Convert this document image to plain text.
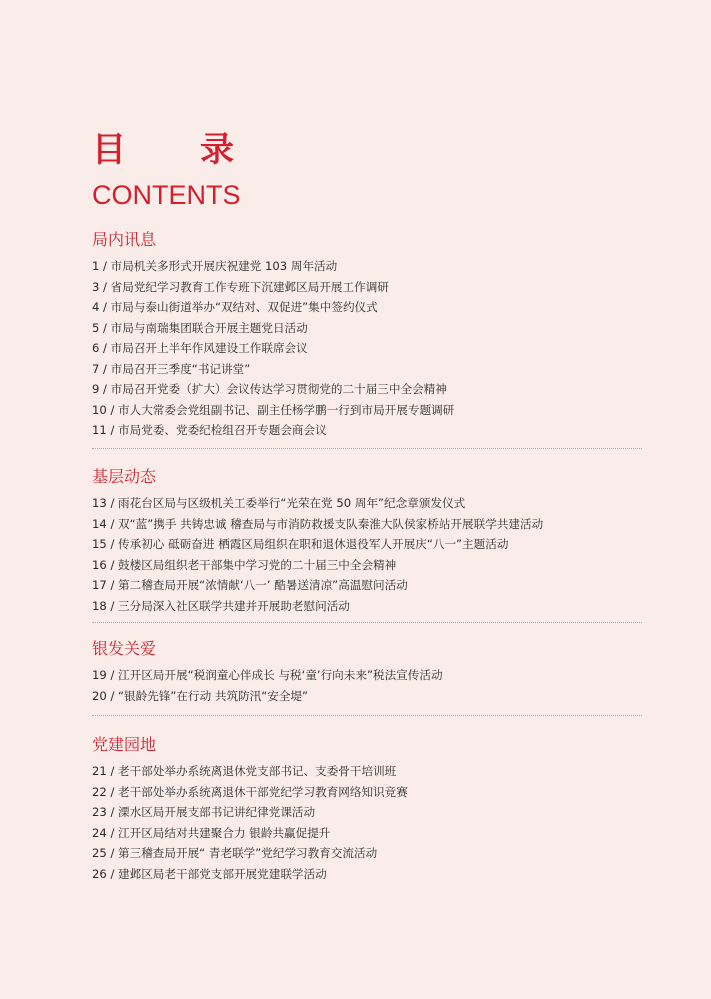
目 录
CONTENTS
局内讯息
1 / 市局机关多形式开展庆祝建党 103 周年活动
3 / 省局党纪学习教育工作专班下沉建邺区局开展工作调研
4 / 市局与泰山街道举办“双结对、双促进”集中签约仪式
5 / 市局与南瑞集团联合开展主题党日活动
6 / 市局召开上半年作风建设工作联席会议
7 / 市局召开三季度“书记讲堂”
9 / 市局召开党委（扩大）会议传达学习贯彻党的二十届三中全会精神
10 / 市人大常委会党组副书记、副主任杨学鹏一行到市局开展专题调研
11 / 市局党委、党委纪检组召开专题会商会议
基层动态
13 / 雨花台区局与区级机关工委举行“光荣在党 50 周年”纪念章颁发仪式
14 / 双“蓝”携手 共铸忠诚 稽查局与市消防救援支队秦淮大队侯家桥站开展联学共建活动
15 / 传承初心 砥砺奋进 栖霞区局组织在职和退休退役军人开展庆“八一”主题活动
16 / 鼓楼区局组织老干部集中学习党的二十届三中全会精神
17 / 第二稽查局开展“浓情献‘八一’ 酷暑送清凉”高温慰问活动
18 / 三分局深入社区联学共建并开展助老慰问活动
银发关爱
19 / 江开区局开展“税润童心伴成长 与税‘童’行向未来”税法宣传活动
20 / “银龄先锋”在行动 共筑防汛“安全堤”
党建园地
21 / 老干部处举办系统离退休党支部书记、支委骨干培训班
22 / 老干部处举办系统离退休干部党纪学习教育网络知识竞赛
23 / 溧水区局开展支部书记讲纪律党课活动
24 / 江开区局结对共建聚合力 银龄共赢促提升
25 / 第三稽查局开展“ 青老联学”党纪学习教育交流活动
26 / 建邺区局老干部党支部开展党建联学活动
